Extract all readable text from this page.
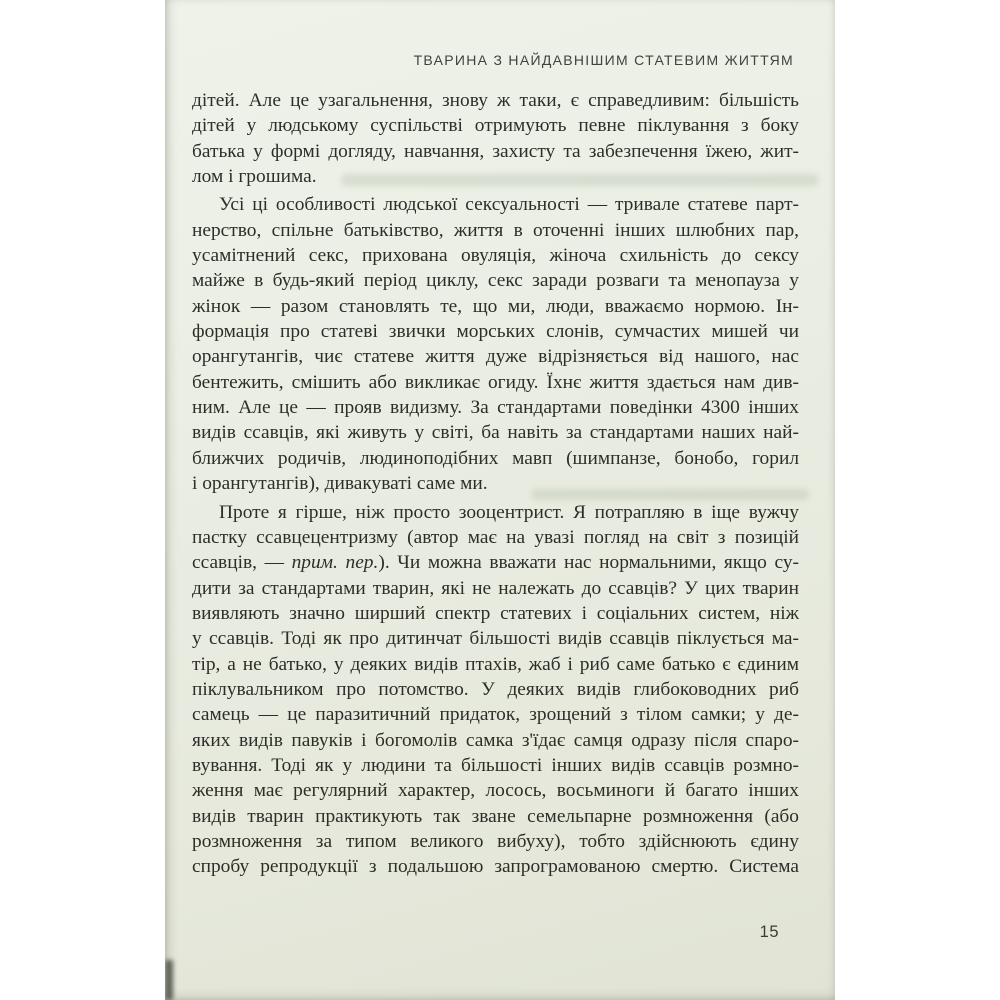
ТВАРИНА З НАЙДАВНІШИМ СТАТЕВИМ ЖИТТЯМ
дітей. Але це узагальнення, знову ж таки, є справедливим: більшість
дітей у людському суспільстві отримують певне піклування з боку
батька у формі догляду, навчання, захисту та забезпечення їжею, жит-
лом і грошима.
Усі ці особливості людської сексуальності — тривале статеве парт-
нерство, спільне батьківство, життя в оточенні інших шлюбних пар,
усамітнений секс, прихована овуляція, жіноча схильність до сексу
майже в будь-який період циклу, секс заради розваги та менопауза у
жінок — разом становлять те, що ми, люди, вважаємо нормою. Ін-
формація про статеві звички морських слонів, сумчастих мишей чи
орангутангів, чиє статеве життя дуже відрізняється від нашого, нас
бентежить, смішить або викликає огиду. Їхнє життя здається нам див-
ним. Але це — прояв видизму. За стандартами поведінки 4300 інших
видів ссавців, які живуть у світі, ба навіть за стандартами наших най-
ближчих родичів, людиноподібних мавп (шимпанзе, бонобо, горил
і орангутангів), дивакуваті саме ми.
Проте я гірше, ніж просто зооцентрист. Я потрапляю в іще вужчу
пастку ссавцецентризму (автор має на увазі погляд на світ з позицій
ссавців, — прим. пер.). Чи можна вважати нас нормальними, якщо су-
дити за стандартами тварин, які не належать до ссавців? У цих тварин
виявляють значно ширший спектр статевих і соціальних систем, ніж
у ссавців. Тоді як про дитинчат більшості видів ссавців піклується ма-
тір, а не батько, у деяких видів птахів, жаб і риб саме батько є єдиним
піклувальником про потомство. У деяких видів глибоководних риб
самець — це паразитичний придаток, зрощений з тілом самки; у де-
яких видів павуків і богомолів самка з'їдає самця одразу після спаро-
вування. Тоді як у людини та більшості інших видів ссавців розмно-
ження має регулярний характер, лосось, восьминоги й багато інших
видів тварин практикують так зване семельпарне розмноження (або
розмноження за типом великого вибуху), тобто здійснюють єдину
спробу репродукції з подальшою запрограмованою смертю. Система
15
